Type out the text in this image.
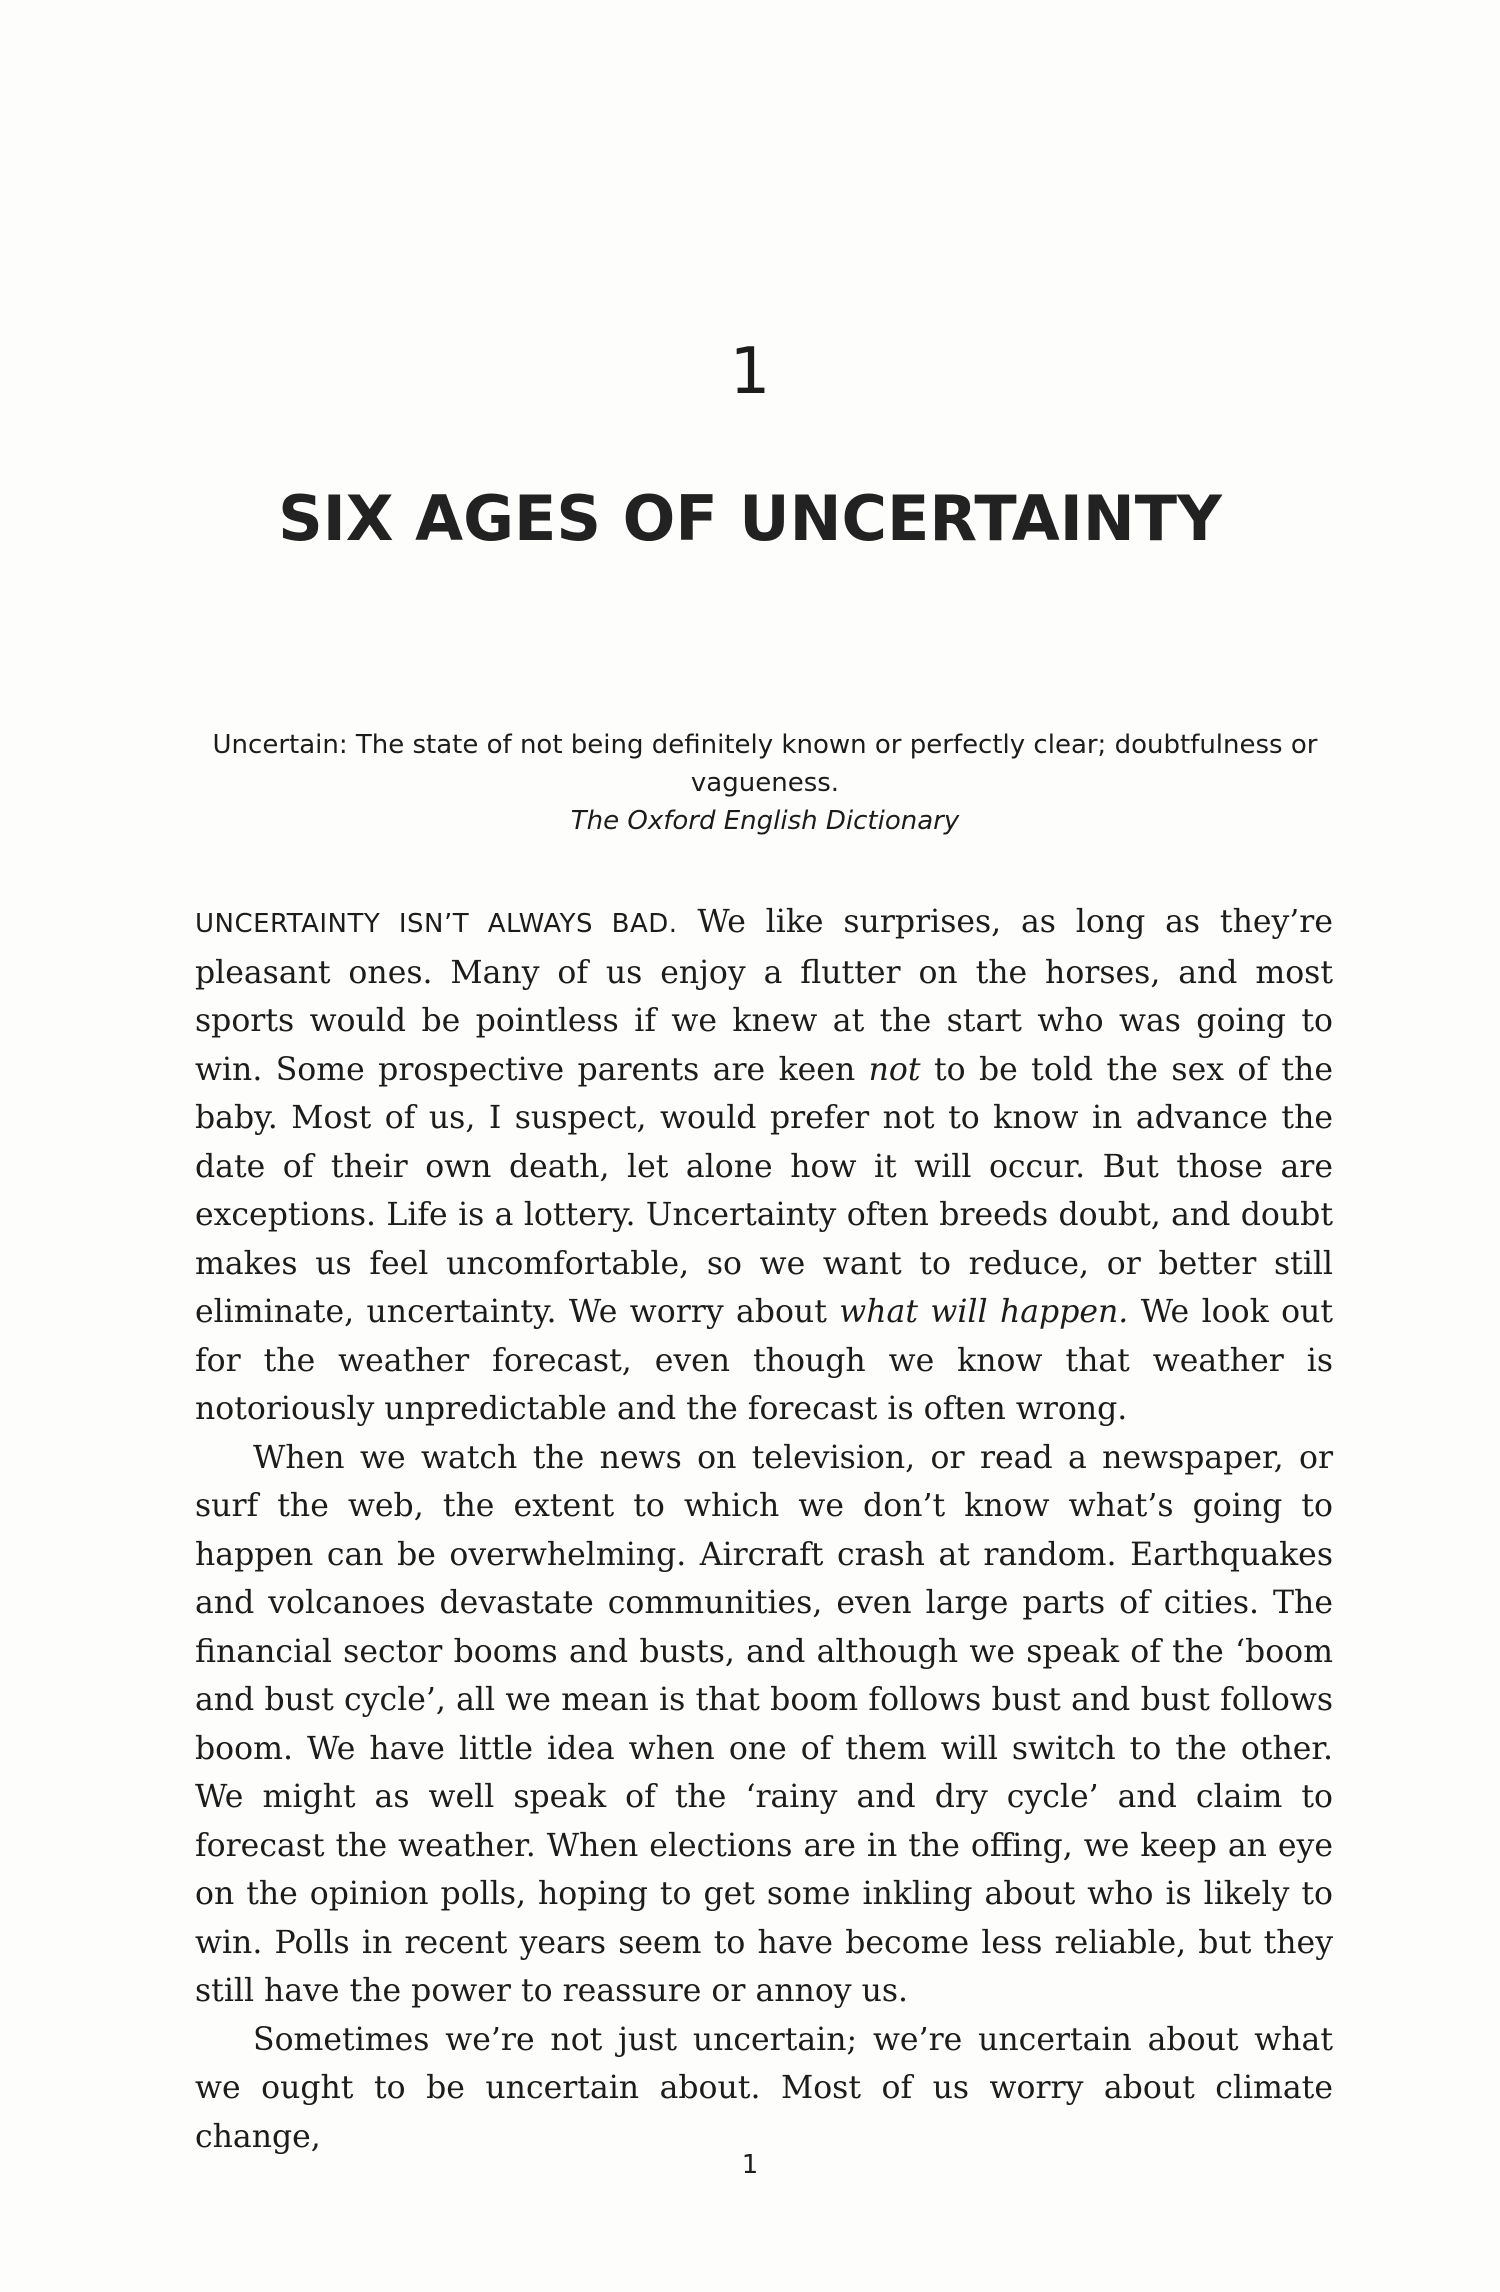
1
SIX AGES OF UNCERTAINTY
Uncertain: The state of not being definitely known or perfectly clear; doubtfulness or vagueness.
The Oxford English Dictionary

UNCERTAINTY ISN’T ALWAYS BAD. We like surprises, as long as they’re pleasant ones. Many of us enjoy a flutter on the horses, and most sports would be pointless if we knew at the start who was going to win. Some prospective parents are keen not to be told the sex of the baby. Most of us, I suspect, would prefer not to know in advance the date of their own death, let alone how it will occur. But those are exceptions. Life is a lottery. Uncertainty often breeds doubt, and doubt makes us feel uncomfortable, so we want to reduce, or better still eliminate, uncertainty. We worry about what will happen. We look out for the weather forecast, even though we know that weather is notoriously unpredictable and the forecast is often wrong.

When we watch the news on television, or read a newspaper, or surf the web, the extent to which we don’t know what’s going to happen can be overwhelming. Aircraft crash at random. Earthquakes and volcanoes devastate communities, even large parts of cities. The financial sector booms and busts, and although we speak of the ‘boom and bust cycle’, all we mean is that boom follows bust and bust follows boom. We have little idea when one of them will switch to the other. We might as well speak of the ‘rainy and dry cycle’ and claim to forecast the weather. When elections are in the offing, we keep an eye on the opinion polls, hoping to get some inkling about who is likely to win. Polls in recent years seem to have become less reliable, but they still have the power to reassure or annoy us.

Sometimes we’re not just uncertain; we’re uncertain about what we ought to be uncertain about. Most of us worry about climate change,

1
